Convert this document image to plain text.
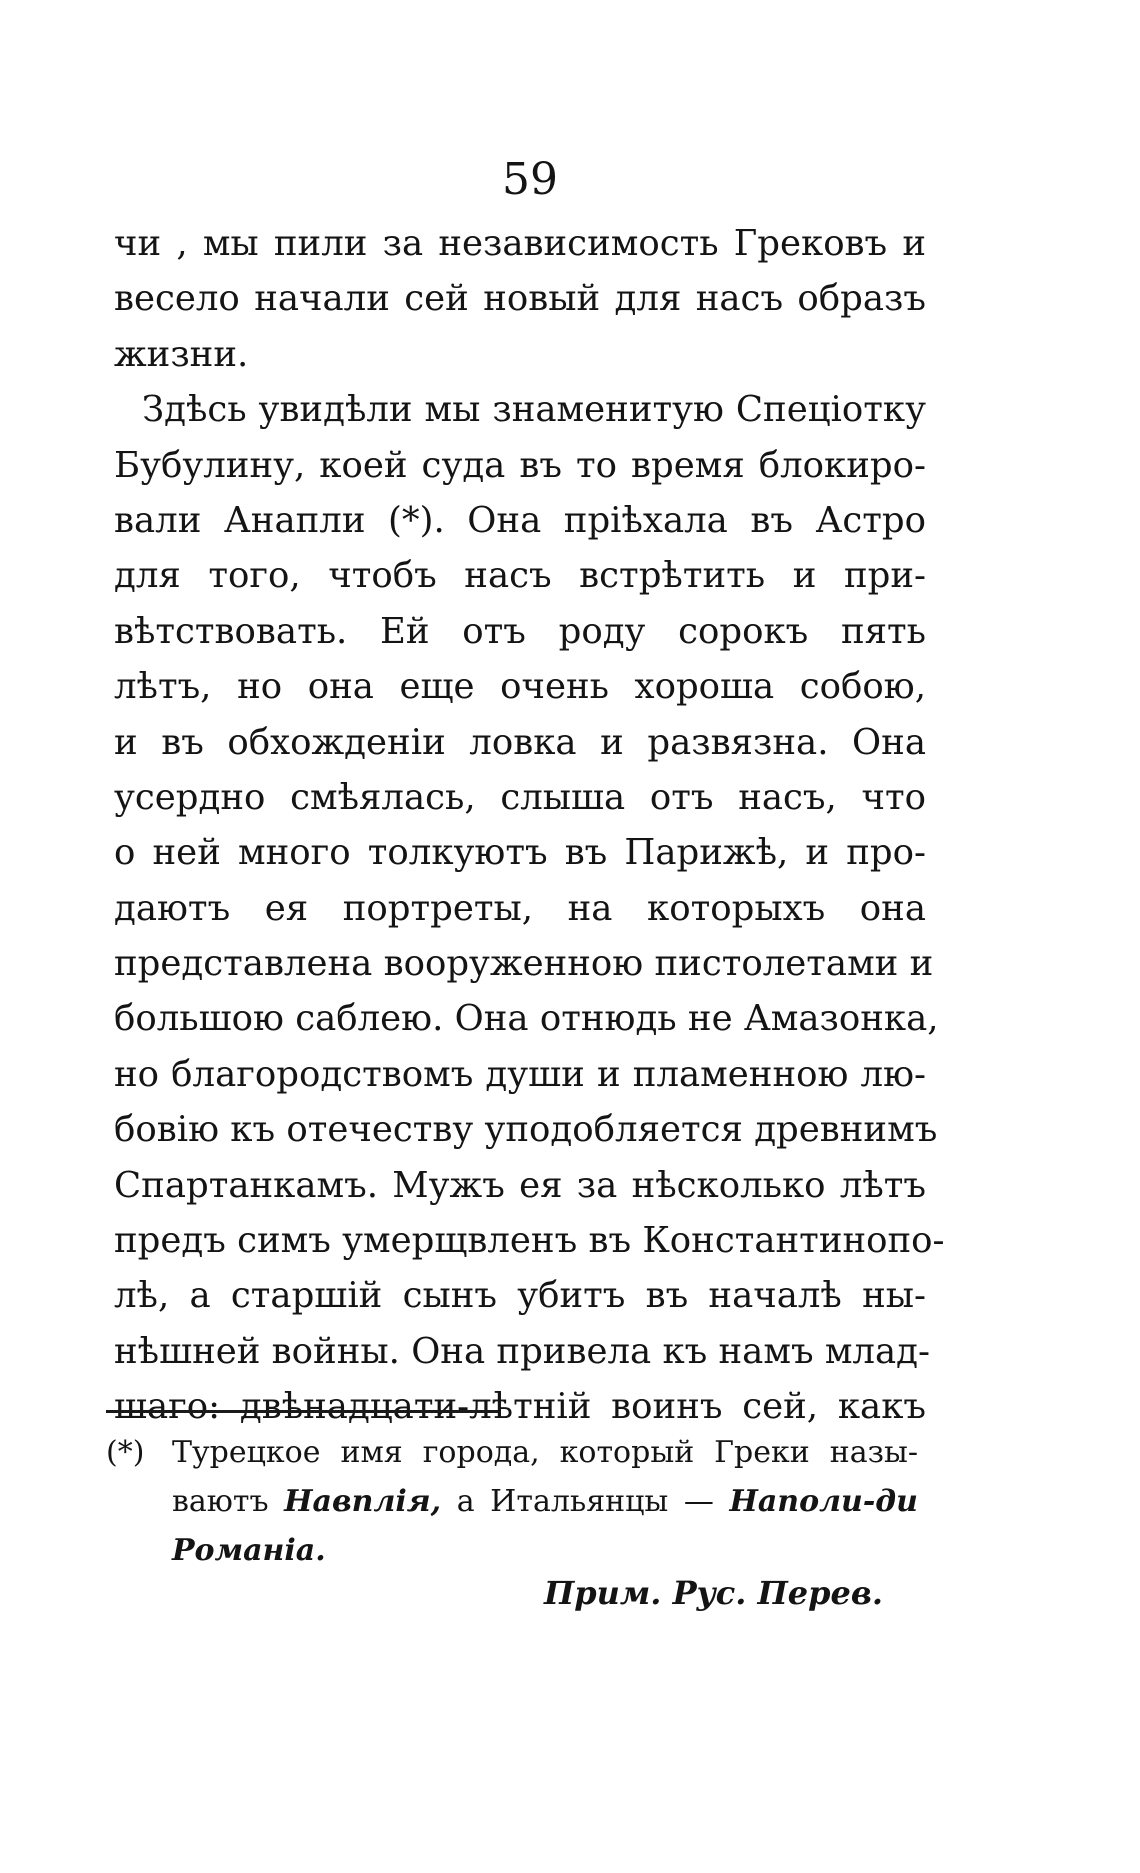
59
чи , мы пили за независимость Грековъ и
весело начали сей новый для насъ образъ
жизни.
Здѣсь увидѣли мы знаменитую Спеціотку
Бубулину, коей суда въ то время блокиро-
вали Анапли (*). Она пріѣхала въ Астро
для того, чтобъ насъ встрѣтить и при-
вѣтствовать. Ей отъ роду сорокъ пять
лѣтъ, но она еще очень хороша собою,
и въ обхожденіи ловка и развязна. Она
усердно смѣялась, слыша отъ насъ, что
о ней много толкуютъ въ Парижѣ, и про-
даютъ ея портреты, на которыхъ она
представлена вооруженною пистолетами и
большою саблею. Она отнюдь не Амазонка,
но благородствомъ души и пламенною лю-
бовію къ отечеству уподобляется древнимъ
Спартанкамъ. Мужъ ея за нѣсколько лѣтъ
предъ симъ умерщвленъ въ Константинопо-
лѣ, а старшій сынъ убитъ въ началѣ ны-
нѣшней войны. Она привела къ намъ млад-
шаго: двѣнадцати-лѣтній воинъ сей, какъ
(*) Турецкое имя города, который Греки назы-
ваютъ Навплія, а Итальянцы — Наполи-ди
Романіа.
Прим. Рус. Перев.
